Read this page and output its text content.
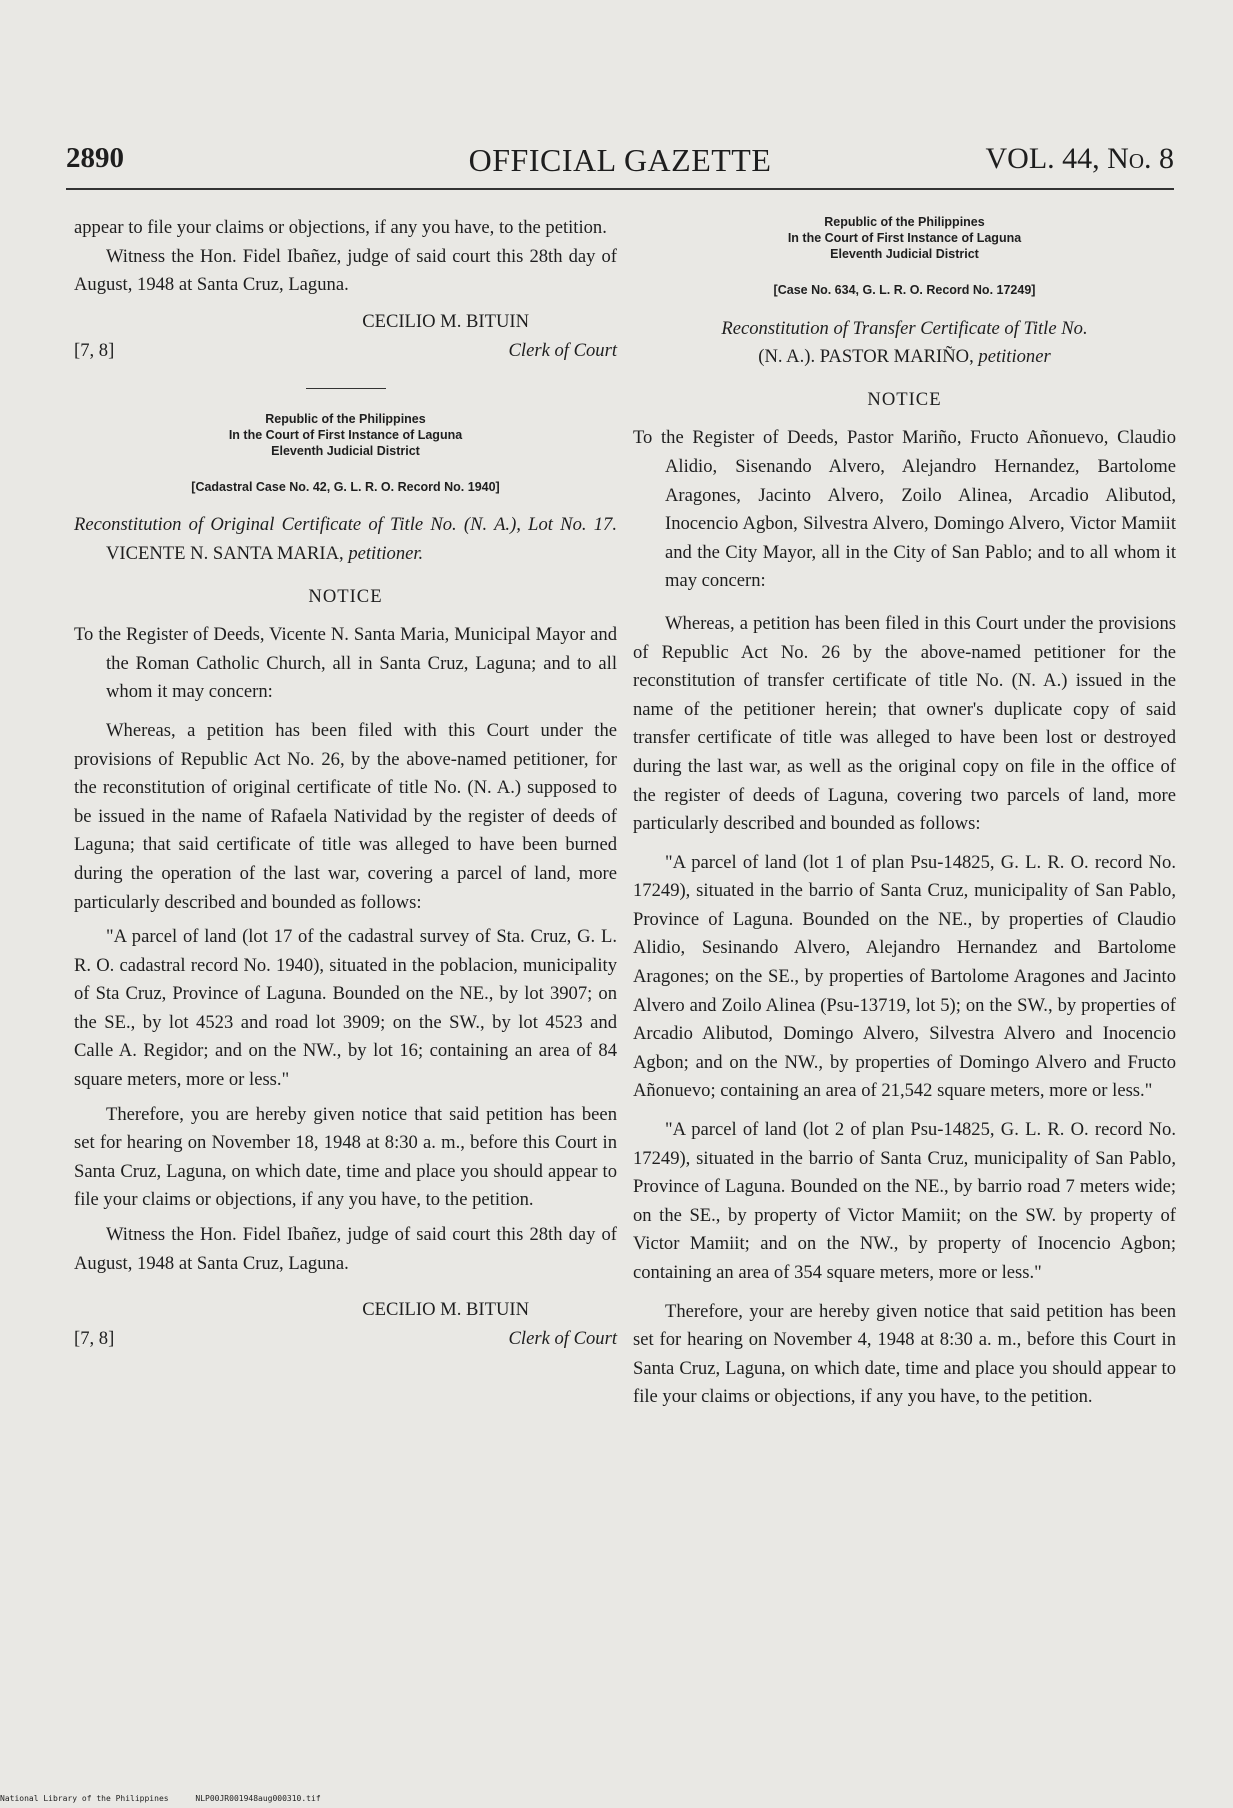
2890	OFFICIAL GAZETTE	VOL. 44, No. 8

appear to file your claims or objections, if any you have, to the petition.

Witness the Hon. Fidel Ibañez, judge of said court this 28th day of August, 1948 at Santa Cruz, Laguna.

CECILIO M. BITUIN
Clerk of Court
[7, 8]
Republic of the Philippines
In the Court of First Instance of Laguna
Eleventh Judicial District
[Cadastral Case No. 42, G. L. R. O. Record No. 1940]

Reconstitution of Original Certificate of Title No. (N. A.), Lot No. 17. VICENTE N. SANTA MARIA, petitioner.

NOTICE

To the Register of Deeds, Vicente N. Santa Maria, Municipal Mayor and the Roman Catholic Church, all in Santa Cruz, Laguna; and to all whom it may concern:

Whereas, a petition has been filed with this Court under the provisions of Republic Act No. 26, by the above-named petitioner, for the reconstitution of original certificate of title No. (N. A.) supposed to be issued in the name of Rafaela Natividad by the register of deeds of Laguna; that said certificate of title was alleged to have been burned during the operation of the last war, covering a parcel of land, more particularly described and bounded as follows:

"A parcel of land (lot 17 of the cadastral survey of Sta. Cruz, G. L. R. O. cadastral record No. 1940), situated in the poblacion, municipality of Sta Cruz, Province of Laguna. Bounded on the NE., by lot 3907; on the SE., by lot 4523 and road lot 3909; on the SW., by lot 4523 and Calle A. Regidor; and on the NW., by lot 16; containing an area of 84 square meters, more or less."

Therefore, you are hereby given notice that said petition has been set for hearing on November 18, 1948 at 8:30 a. m., before this Court in Santa Cruz, Laguna, on which date, time and place you should appear to file your claims or objections, if any you have, to the petition.

Witness the Hon. Fidel Ibañez, judge of said court this 28th day of August, 1948 at Santa Cruz, Laguna.

CECILIO M. BITUIN
Clerk of Court
[7, 8]
Republic of the Philippines
In the Court of First Instance of Laguna
Eleventh Judicial District
[Case No. 634, G. L. R. O. Record No. 17249]

Reconstitution of Transfer Certificate of Title No.
(N. A.). PASTOR MARIÑO, petitioner

NOTICE

To the Register of Deeds, Pastor Mariño, Fructo Añonuevo, Claudio Alidio, Sisenando Alvero, Alejandro Hernandez, Bartolome Aragones, Jacinto Alvero, Zoilo Alinea, Arcadio Alibutod, Inocencio Agbon, Silvestra Alvero, Domingo Alvero, Victor Mamiit and the City Mayor, all in the City of San Pablo; and to all whom it may concern:

Whereas, a petition has been filed in this Court under the provisions of Republic Act No. 26 by the above-named petitioner for the reconstitution of transfer certificate of title No. (N. A.) issued in the name of the petitioner herein; that owner's duplicate copy of said transfer certificate of title was alleged to have been lost or destroyed during the last war, as well as the original copy on file in the office of the register of deeds of Laguna, covering two parcels of land, more particularly described and bounded as follows:

"A parcel of land (lot 1 of plan Psu-14825, G. L. R. O. record No. 17249), situated in the barrio of Santa Cruz, municipality of San Pablo, Province of Laguna. Bounded on the NE., by properties of Claudio Alidio, Sesinando Alvero, Alejandro Hernandez and Bartolome Aragones; on the SE., by properties of Bartolome Aragones and Jacinto Alvero and Zoilo Alinea (Psu-13719, lot 5); on the SW., by properties of Arcadio Alibutod, Domingo Alvero, Silvestra Alvero and Inocencio Agbon; and on the NW., by properties of Domingo Alvero and Fructo Añonuevo; containing an area of 21,542 square meters, more or less."

"A parcel of land (lot 2 of plan Psu-14825, G. L. R. O. record No. 17249), situated in the barrio of Santa Cruz, municipality of San Pablo, Province of Laguna. Bounded on the NE., by barrio road 7 meters wide; on the SE., by property of Victor Mamiit; on the SW. by property of Victor Mamiit; and on the NW., by property of Inocencio Agbon; containing an area of 354 square meters, more or less."

Therefore, your are hereby given notice that said petition has been set for hearing on November 4, 1948 at 8:30 a. m., before this Court in Santa Cruz, Laguna, on which date, time and place you should appear to file your claims or objections, if any you have, to the petition.

National Library of the Philippines	NLP00JR001948aug000310.tif
